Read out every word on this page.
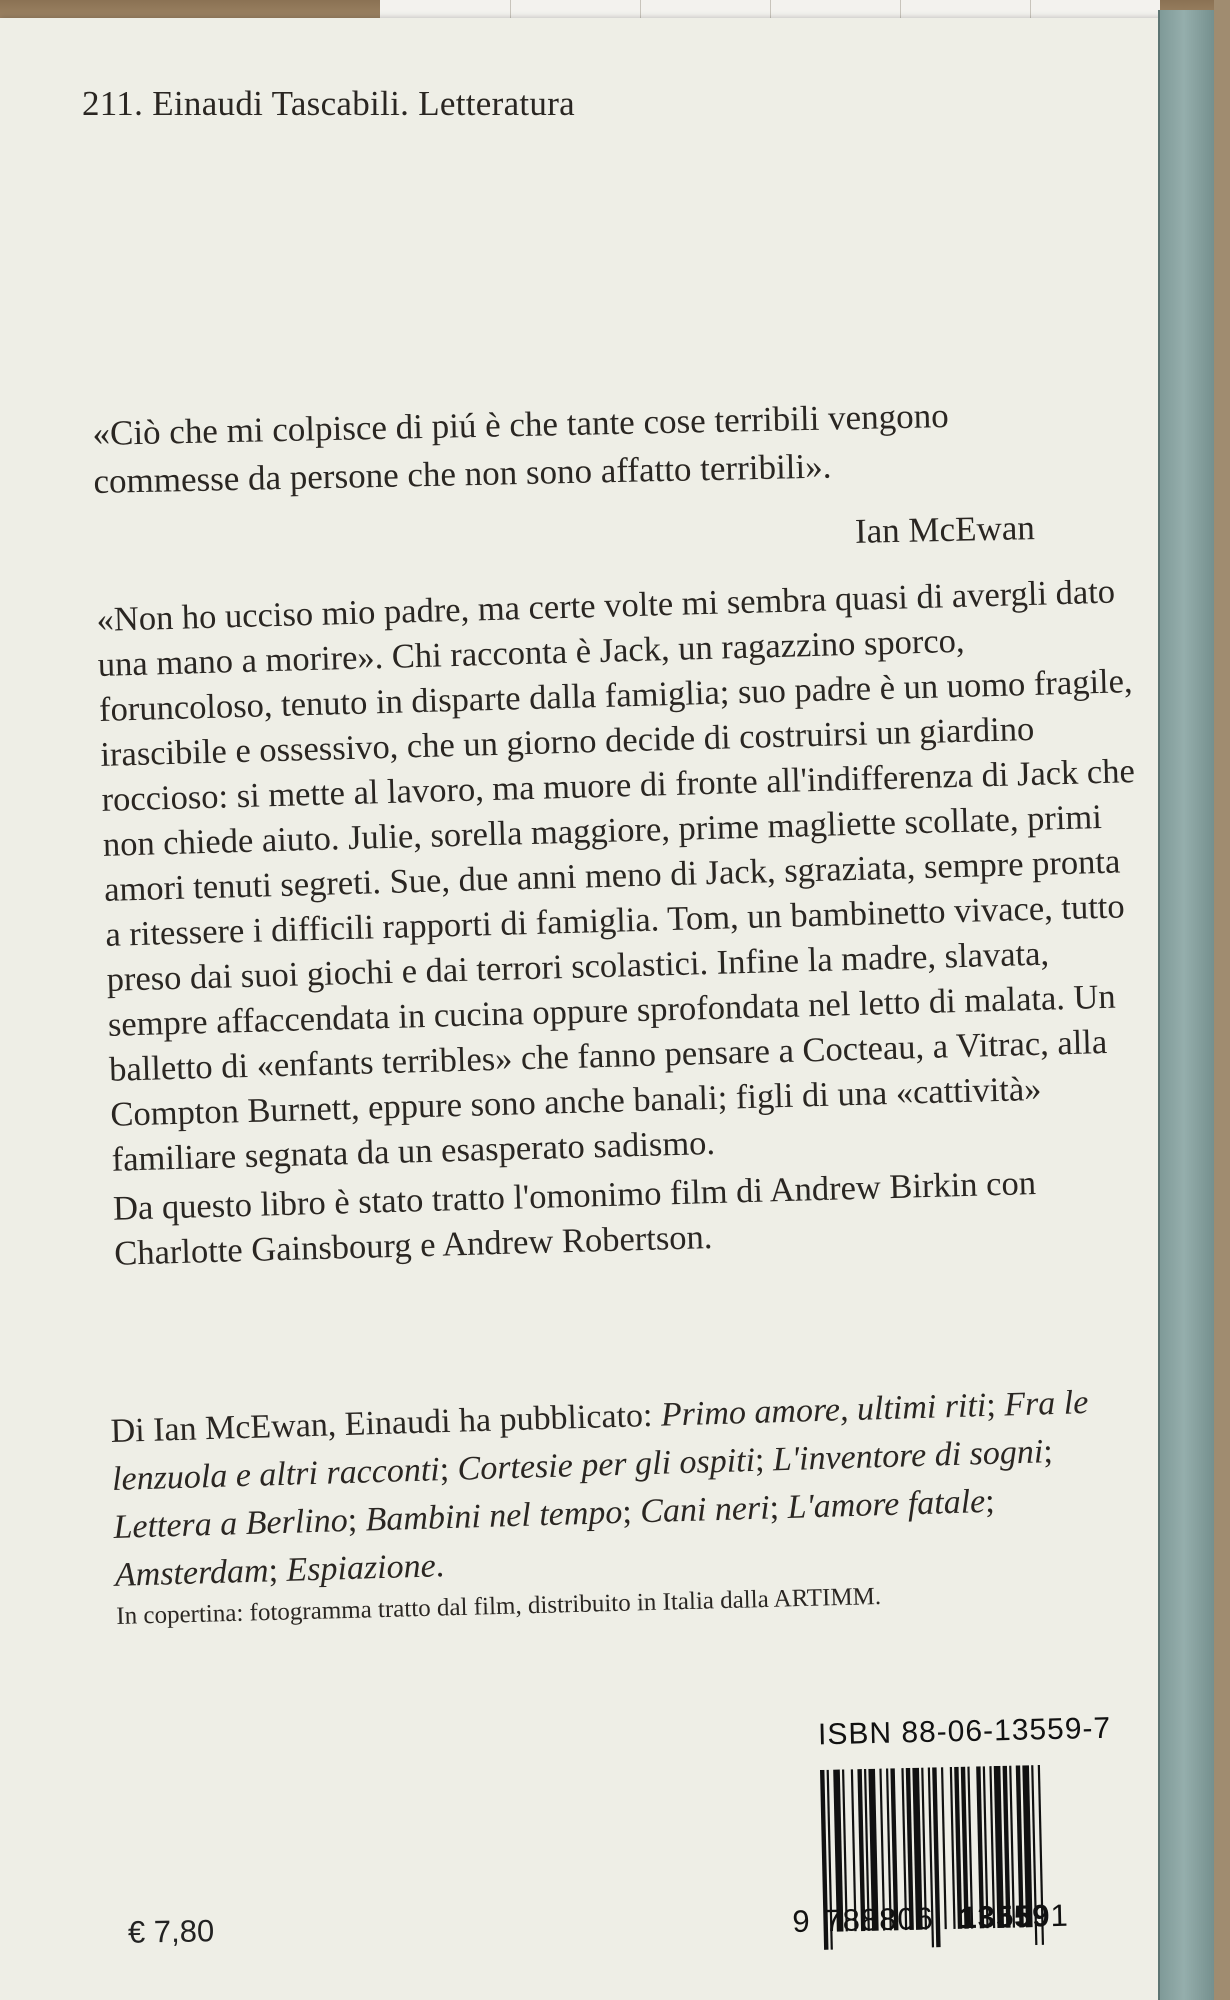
211. Einaudi Tascabili. Letteratura
«Ciò che mi colpisce di piú è che tante cose terribili vengono commesse da persone che non sono affatto terribili».
Ian McEwan

«Non ho ucciso mio padre, ma certe volte mi sembra quasi di avergli dato una mano a morire». Chi racconta è Jack, un ragazzino sporco, foruncoloso, tenuto in disparte dalla famiglia; suo padre è un uomo fragile, irascibile e ossessivo, che un giorno decide di costruirsi un giardino roccioso: si mette al lavoro, ma muore di fronte all'indifferenza di Jack che non chiede aiuto. Julie, sorella maggiore, prime magliette scollate, primi amori tenuti segreti. Sue, due anni meno di Jack, sgraziata, sempre pronta a ritessere i difficili rapporti di famiglia. Tom, un bambinetto vivace, tutto preso dai suoi giochi e dai terrori scolastici. Infine la madre, slavata, sempre affaccendata in cucina oppure sprofondata nel letto di malata. Un balletto di «enfants terribles» che fanno pensare a Cocteau, a Vitrac, alla Compton Burnett, eppure sono anche banali; figli di una «cattività» familiare segnata da un esasperato sadismo.

Da questo libro è stato tratto l'omonimo film di Andrew Birkin con Charlotte Gainsbourg e Andrew Robertson.

Di Ian McEwan, Einaudi ha pubblicato: Primo amore, ultimi riti; Fra le lenzuola e altri racconti; Cortesie per gli ospiti; L'inventore di sogni; Lettera a Berlino; Bambini nel tempo; Cani neri; L'amore fatale; Amsterdam; Espiazione.
In copertina: fotogramma tratto dal film, distribuito in Italia dalla ARTIMM.
ISBN 88-06-13559-7
9 788806 135591
€ 7,80
